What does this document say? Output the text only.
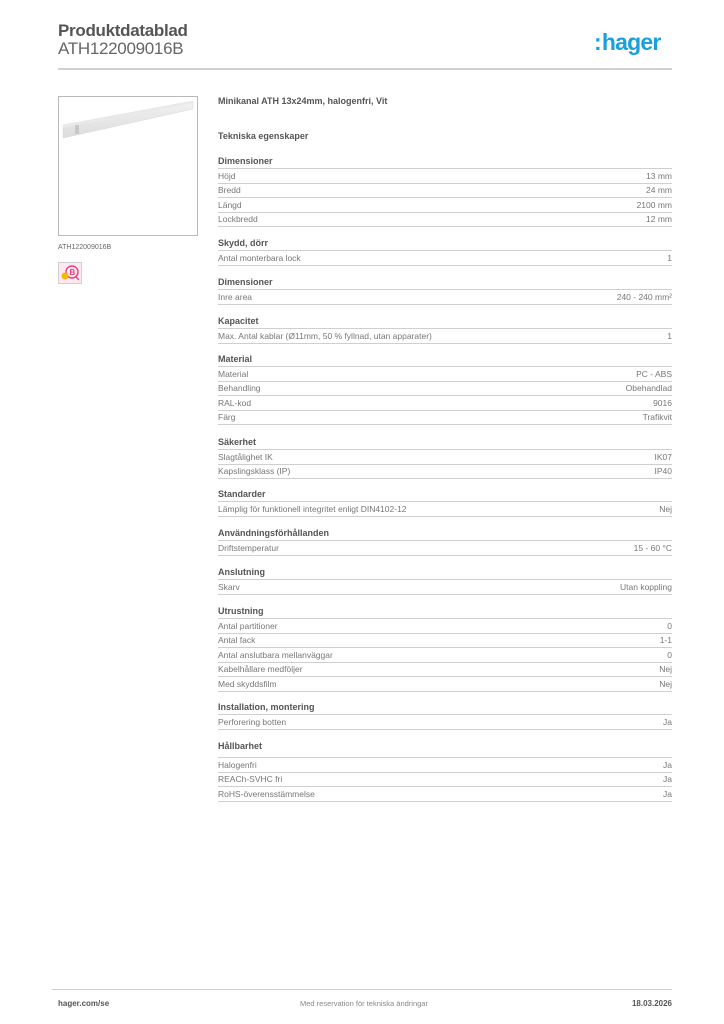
Produktdatablad
ATH122009016B	:hager
ATH122009016B
B
Minikanal ATH 13x24mm, halogenfri, Vit
Tekniska egenskaper
Dimensioner
Höjd	13 mm
Bredd	24 mm
Längd	2100 mm
Lockbredd	12 mm
Skydd, dörr
Antal monterbara lock	1
Dimensioner
Inre area	240 - 240 mm²
Kapacitet
Max. Antal kablar (Ø11mm, 50 % fyllnad, utan apparater)	1
Material
Material	PC - ABS
Behandling	Obehandlad
RAL-kod	9016
Färg	Trafikvit
Säkerhet
Slagtålighet IK	IK07
Kapslingsklass (IP)	IP40
Standarder
Lämplig för funktionell integritet enligt DIN4102-12	Nej
Användningsförhållanden
Driftstemperatur	15 - 60 °C
Anslutning
Skarv	Utan koppling
Utrustning
Antal partitioner	0
Antal fack	1-1
Antal anslutbara mellanväggar	0
Kabelhållare medföljer	Nej
Med skyddsfilm	Nej
Installation, montering
Perforering botten	Ja
Hållbarhet
Halogenfri	Ja
REACh-SVHC fri	Ja
RoHS-överensstämmelse	Ja
hager.com/se	Med reservation för tekniska ändringar	18.03.2026
